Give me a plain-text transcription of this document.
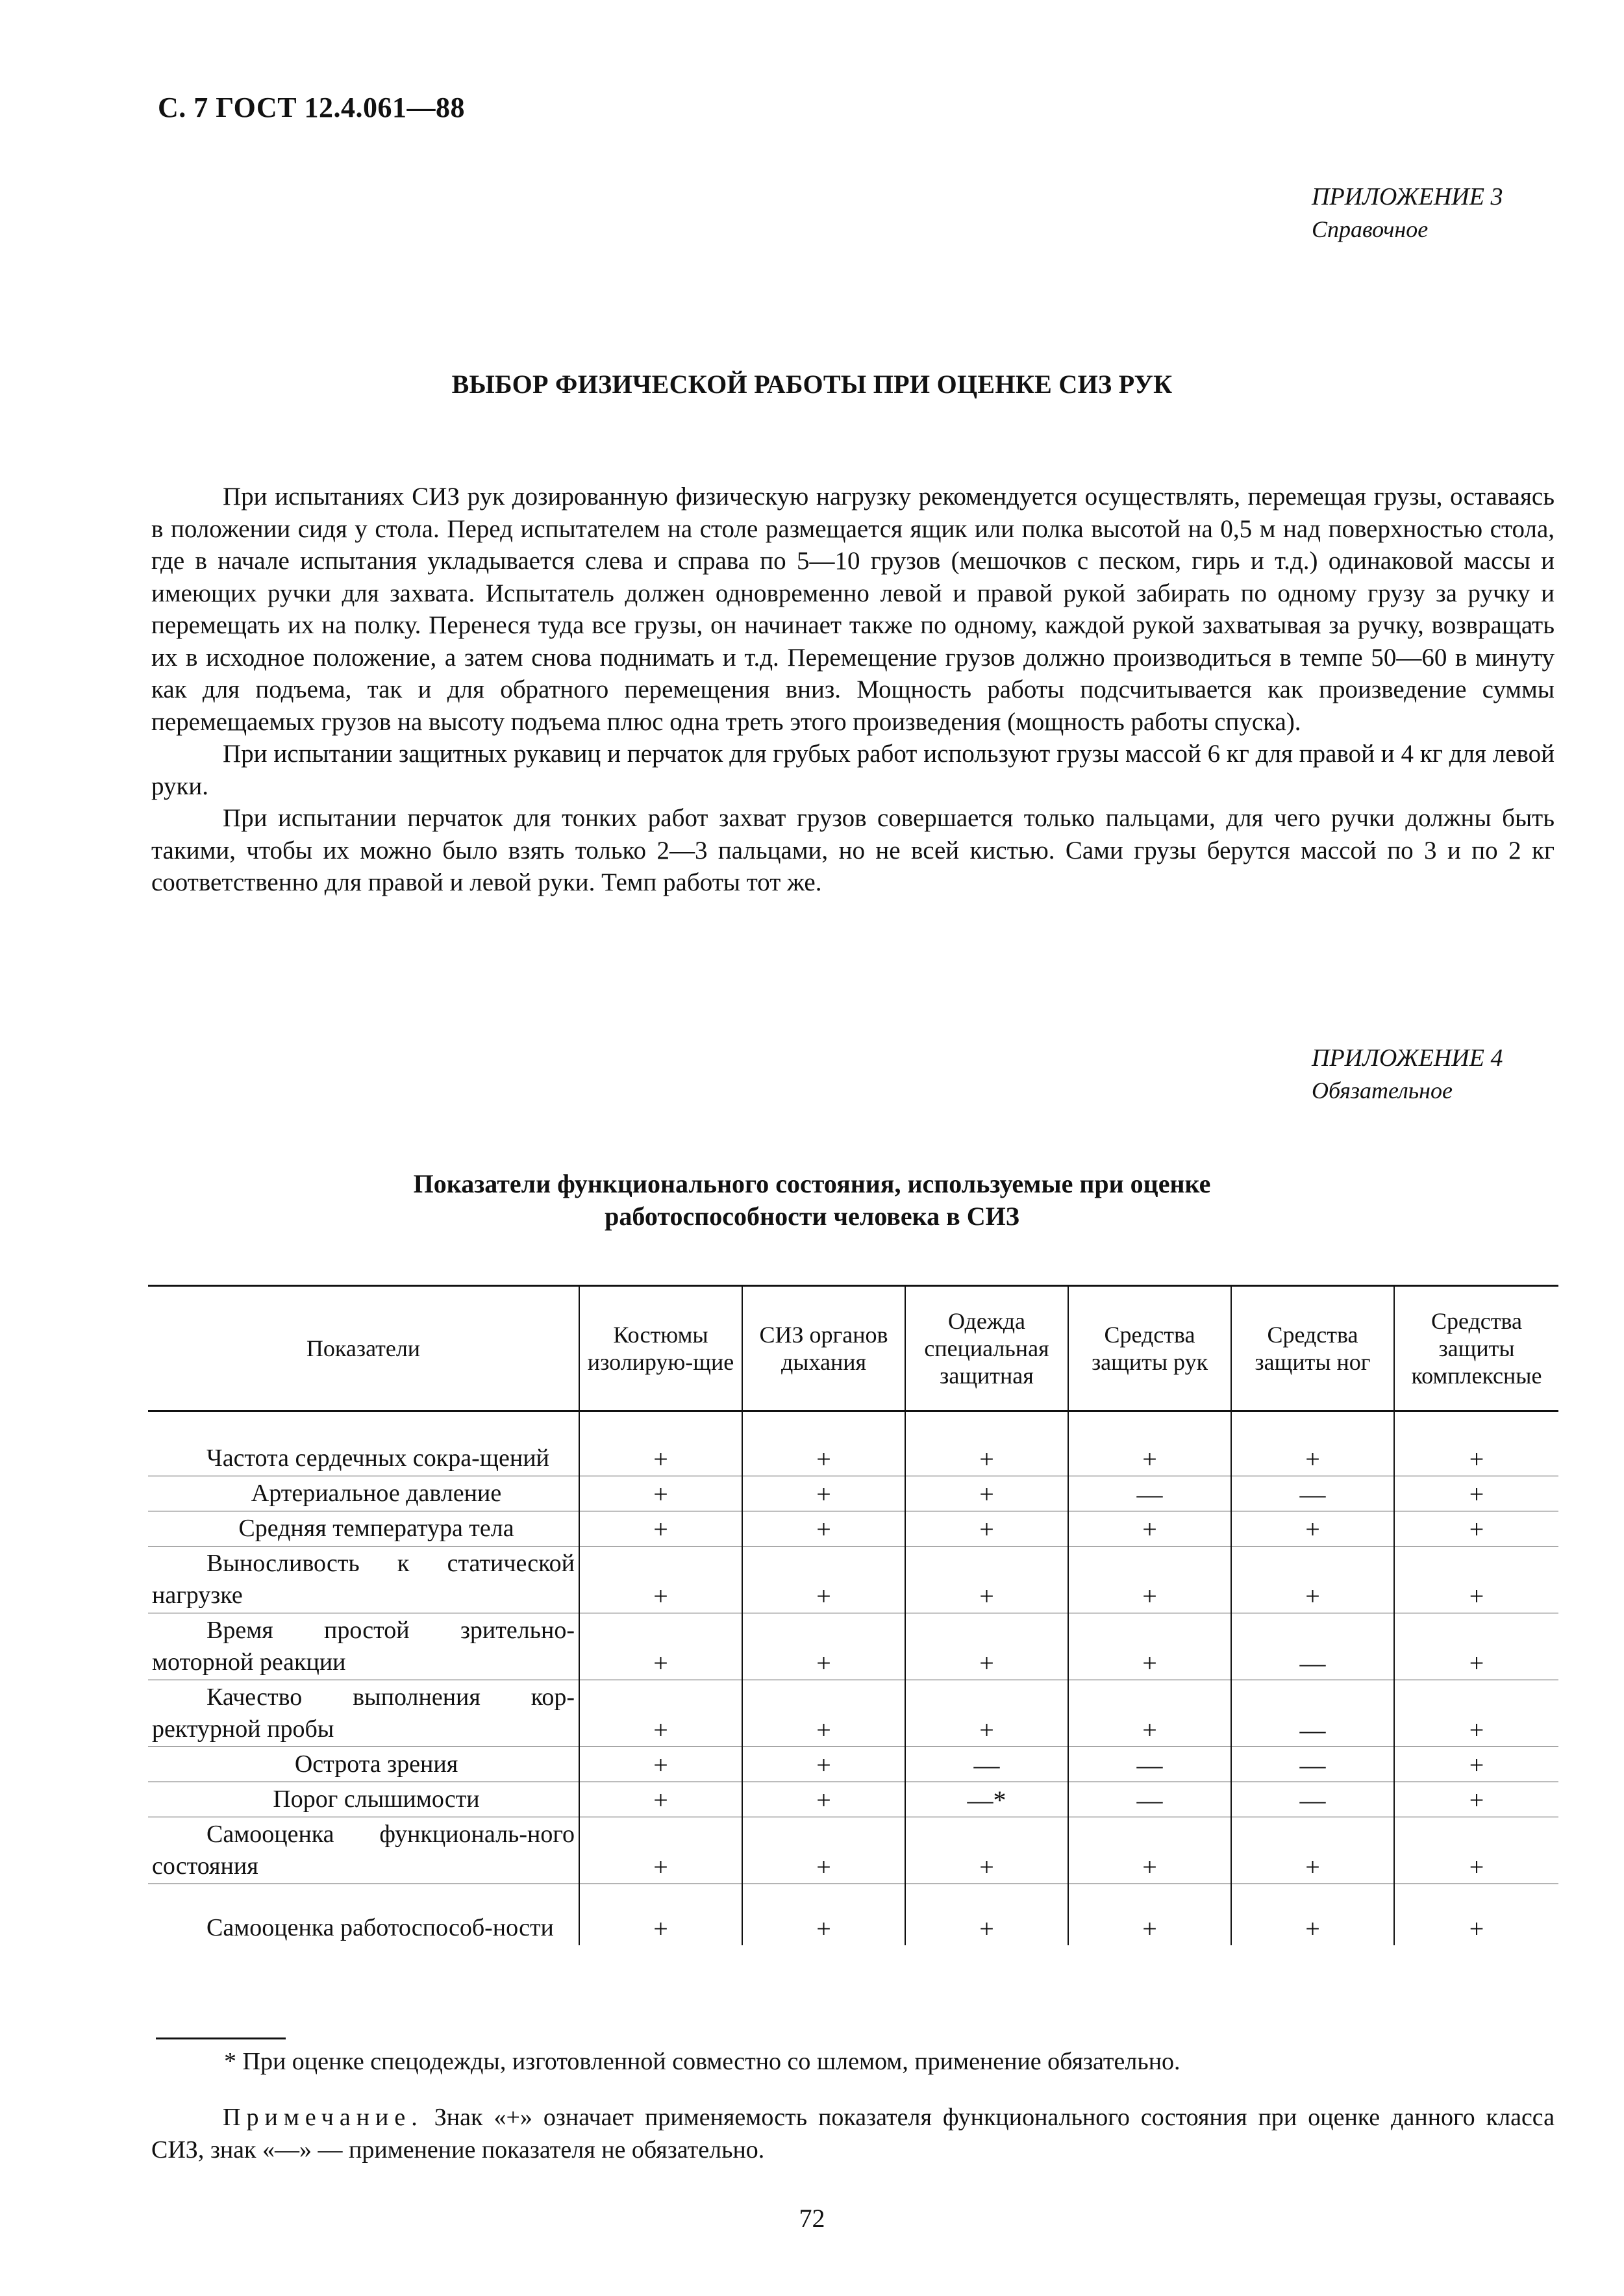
С. 7 ГОСТ 12.4.061—88
ПРИЛОЖЕНИЕ 3
Справочное
ВЫБОР ФИЗИЧЕСКОЙ РАБОТЫ ПРИ ОЦЕНКЕ СИЗ РУК

При испытаниях СИЗ рук дозированную физическую нагрузку рекомендуется осуществлять, перемещая грузы, оставаясь в положении сидя у стола. Перед испытателем на столе размещается ящик или полка высотой на 0,5 м над поверхностью стола, где в начале испытания укладывается слева и справа по 5—10 грузов (мешочков с песком, гирь и т.д.) одинаковой массы и имеющих ручки для захвата. Испытатель должен одновременно левой и правой рукой забирать по одному грузу за ручку и перемещать их на полку. Перенеся туда все грузы, он начинает также по одному, каждой рукой захватывая за ручку, возвращать их в исходное положение, а затем снова поднимать и т.д. Перемещение грузов должно производиться в темпе 50—60 в минуту как для подъема, так и для обратного перемещения вниз. Мощность работы подсчитывается как произведение суммы перемещаемых грузов на высоту подъема плюс одна треть этого произведения (мощность работы спуска).

При испытании защитных рукавиц и перчаток для грубых работ используют грузы массой 6 кг для правой и 4 кг для левой руки.

При испытании перчаток для тонких работ захват грузов совершается только пальцами, для чего ручки должны быть такими, чтобы их можно было взять только 2—3 пальцами, но не всей кистью. Сами грузы берутся массой по 3 и по 2 кг соответственно для правой и левой руки. Темп работы тот же.

ПРИЛОЖЕНИЕ 4
Обязательное
Показатели функционального состояния, используемые при оценке
работоспособности человека в СИЗ
Показатели	Костюмы изолирую-щие	СИЗ органов дыхания	Одежда специальная защитная	Средства защиты рук	Средства защиты ног	Средства защиты комплексные

Частота сердечных сокра-щений	+	+	+	+	+	+

Артериальное давление	+	+	+	—	—	+

Средняя температура тела	+	+	+	+	+	+

Выносливость к статической нагрузке	+	+	+	+	+	+

Время простой зрительно-моторной реакции	+	+	+	+	—	+

Качество выполнения кор-ректурной пробы	+	+	+	+	—	+

Острота зрения	+	+	—	—	—	+

Порог слышимости	+	+	—*	—	—	+

Самооценка функциональ-ного состояния	+	+	+	+	+	+

Самооценка работоспособ-ности	+	+	+	+	+	+
* При оценке спецодежды, изготовленной совместно со шлемом, применение обязательно.

Примечание. Знак «+» означает применяемость показателя функционального состояния при оценке данного класса СИЗ, знак «—» — применение показателя не обязательно.

72
